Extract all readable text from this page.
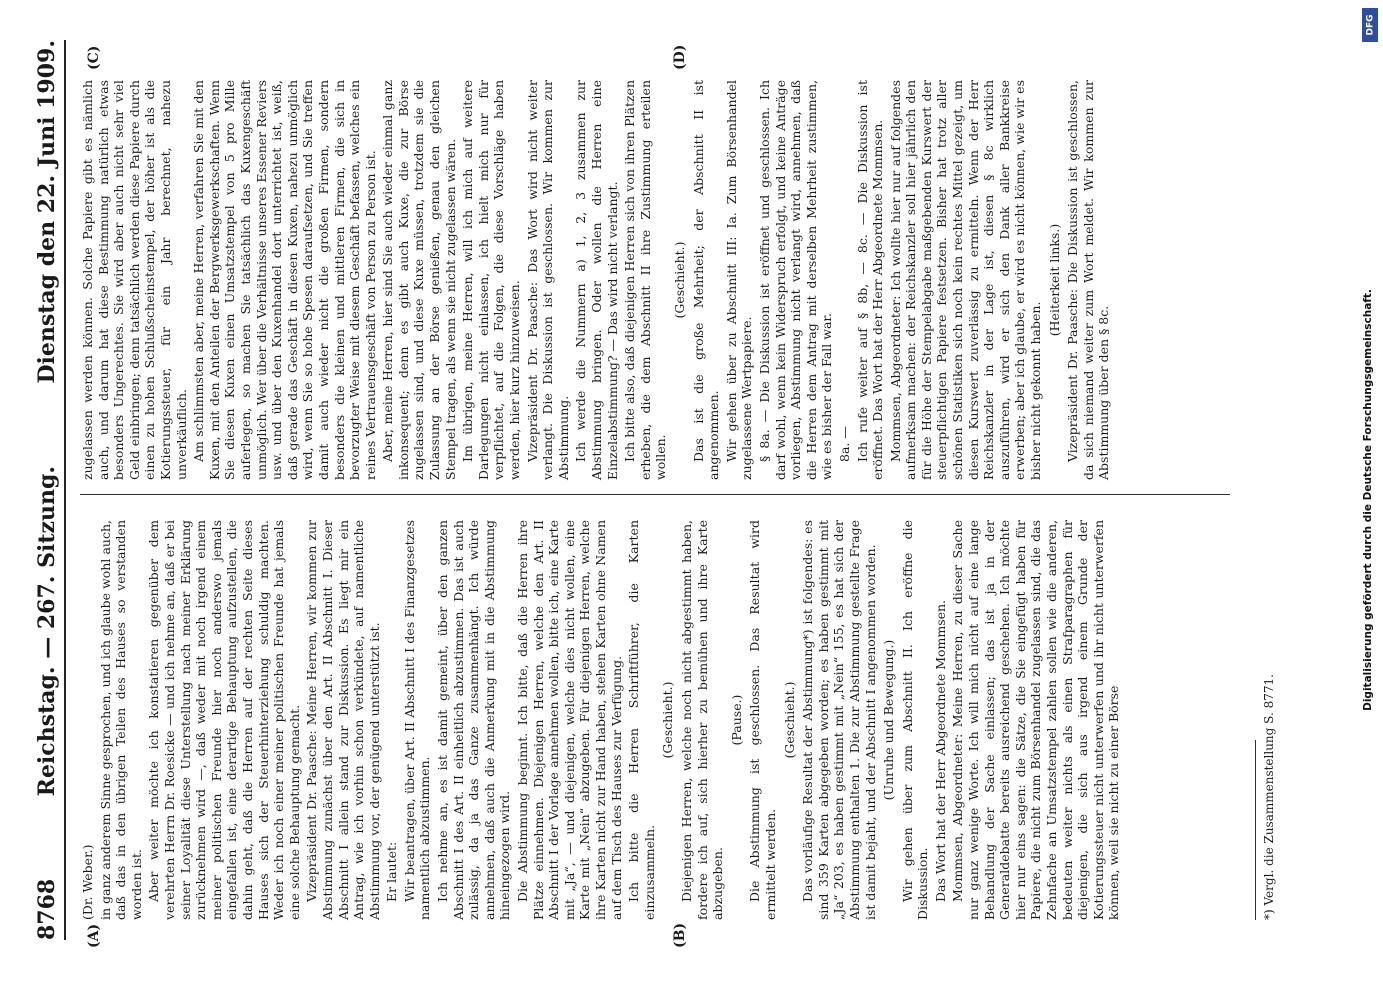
8768
Reichstag. — 267. Sitzung.
Dienstag den 22. Juni 1909.
(A)	(B)
(C)	(D)

(Dr. Weber.) in ganz anderem Sinne gesprochen, und ich glaube wohl auch, daß das in den übrigen Teilen des Hauses so verstanden worden ist. Aber weiter möchte ich konstatieren gegenüber dem verehrten Herrn Dr. Roesicke — und ich nehme an, daß er bei seiner Loyalität diese Unterstellung nach meiner Erklärung zurücknehmen wird —, daß weder mit noch irgend einem meiner politischen Freunde hier noch anderswo jemals eingefallen ist, eine derartige Behauptung aufzustellen, die dahin geht, daß die Herren auf der rechten Seite dieses Hauses sich der Steuerhinterziehung schuldig machten. Weder ich noch einer meiner politischen Freunde hat jemals eine solche Behauptung gemacht. Vizepräsident Dr. Paasche: Meine Herren, wir kommen zur Abstimmung zunächst über den Art. II Abschnitt I. Dieser Abschnitt I allein stand zur Diskussion. Es liegt mir ein Antrag, wie ich vorhin schon verkündete, auf namentliche Abstimmung vor, der genügend unterstützt ist. Er lautet: Wir beantragen, über Art. II Abschnitt I des Finanzgesetzes namentlich abzustimmen. Ich nehme an, es ist damit gemeint, über den ganzen Abschnitt I des Art. II einheitlich abzustimmen. Das ist auch zulässig, da ja das Ganze zusammenhängt. Ich würde annehmen, daß auch die Anmerkung mit in die Abstimmung hineingezogen wird. Die Abstimmung beginnt. Ich bitte, daß die Herren ihre Plätze einnehmen. Diejenigen Herren, welche den Art. II Abschnitt I der Vorlage annehmen wollen, bitte ich, eine Karte mit „Ja“, — und diejenigen, welche dies nicht wollen, eine Karte mit „Nein“ abzugeben. Für diejenigen Herren, welche ihre Karten nicht zur Hand haben, stehen Karten ohne Namen auf dem Tisch des Hauses zur Verfügung. Ich bitte die Herren Schriftführer, die Karten einzusammeln.

(Geschieht.) Diejenigen Herren, welche noch nicht abgestimmt haben, fordere ich auf, sich hierher zu bemühen und ihre Karte abzugeben.

(Pause.) Die Abstimmung ist geschlossen. Das Resultat wird ermittelt werden.

(Geschieht.) Das vorläufige Resultat der Abstimmung*) ist folgendes: es sind 359 Karten abgegeben worden; es haben gestimmt mit „Ja“ 203, es haben gestimmt mit „Nein“ 155, es hat sich der Abstimmung enthalten 1. Die zur Abstimmung gestellte Frage ist damit bejaht, und der Abschnitt I angenommen worden. (Unruhe und Bewegung.) Wir gehen über zum Abschnitt II. Ich eröffne die Diskussion. Das Wort hat der Herr Abgeordnete Mommsen. Mommsen, Abgeordneter: Meine Herren, zu dieser Sache nur ganz wenige Worte. Ich will mich nicht auf eine lange Behandlung der Sache einlassen; das ist ja in der Generaldebatte bereits ausreichend geschehen. Ich möchte hier nur eins sagen: die Sätze, die Sie eingefügt haben für Papiere, die nicht zum Börsenhandel zugelassen sind, die das Zehnfache an Umsatzstempel zahlen sollen wie die anderen, bedeuten weiter nichts als einen Strafparagraphen für diejenigen, die sich aus irgend einem Grunde der Kotierungssteuer nicht unterwerfen und ihr nicht unterwerfen können, weil sie nicht zu einer Börse

zugelassen werden können. Solche Papiere gibt es nämlich auch, und darum hat diese Bestimmung natürlich etwas besonders Ungerechtes. Sie wird aber auch nicht sehr viel Geld einbringen; denn tatsächlich werden diese Papiere durch einen zu hohen Schlußscheinstempel, der höher ist als die Kotierungssteuer, für ein Jahr berechnet, nahezu unverkäuflich. Am schlimmsten aber, meine Herren, verfahren Sie mit den Kuxen, mit den Anteilen der Bergwerksgewerkschaften. Wenn Sie diesen Kuxen einen Umsatzstempel von 5 pro Mille auferlegen, so machen Sie tatsächlich das Kuxengeschäft unmöglich. Wer über die Verhältnisse unseres Essener Reviers usw. und über den Kuxenhandel dort unterrichtet ist, weiß, daß gerade das Geschäft in diesen Kuxen, nahezu unmöglich wird, wenn Sie so hohe Spesen daraufsetzen, und Sie treffen damit auch wieder nicht die großen Firmen, sondern besonders die kleinen und mittleren Firmen, die sich in bevorzugter Weise mit diesem Geschäft befassen, welches ein reines Vertrauensgeschäft von Person zu Person ist. Aber, meine Herren, hier sind Sie auch wieder einmal ganz inkonsequent; denn es gibt auch Kuxe, die zur Börse zugelassen sind, und diese Kuxe müssen, trotzdem sie die Zulassung an der Börse genießen, genau den gleichen Stempel tragen, als wenn sie nicht zugelassen wären. Im übrigen, meine Herren, will ich mich auf weitere Darlegungen nicht einlassen, ich hielt mich nur für verpflichtet, auf die Folgen, die diese Vorschläge haben werden, hier kurz hinzuweisen. Vizepräsident Dr. Paasche: Das Wort wird nicht weiter verlangt. Die Diskussion ist geschlossen. Wir kommen zur Abstimmung. Ich werde die Nummern a) 1, 2, 3 zusammen zur Abstimmung bringen. Oder wollen die Herren eine Einzelabstimmung? — Das wird nicht verlangt. Ich bitte also, daß diejenigen Herren sich von ihren Plätzen erheben, die dem Abschnitt II ihre Zustimmung erteilen wollen.

(Geschieht.) Das ist die große Mehrheit; der Abschnitt II ist angenommen. Wir gehen über zu Abschnitt III: Ia. Zum Börsenhandel zugelassene Wertpapiere. § 8a. — Die Diskussion ist eröffnet und geschlossen. Ich darf wohl, wenn kein Widerspruch erfolgt, und keine Anträge vorliegen, Abstimmung nicht verlangt wird, annehmen, daß die Herren dem Antrag mit derselben Mehrheit zustimmen, wie es bisher der Fall war. 8a. — Ich rufe weiter auf § 8b, — 8c. — Die Diskussion ist eröffnet. Das Wort hat der Herr Abgeordnete Mommsen. Mommsen, Abgeordneter: Ich wollte hier nur auf folgendes aufmerksam machen: der Reichskanzler soll hier jährlich den für die Höhe der Stempelabgabe maßgebenden Kurswert der steuerpflichtigen Papiere festsetzen. Bisher hat trotz aller schönen Statistiken sich noch kein rechtes Mittel gezeigt, um diesen Kurswert zuverlässig zu ermitteln. Wenn der Herr Reichskanzler in der Lage ist, diesen § 8c wirklich auszuführen, wird er sich den Dank aller Bankkreise erwerben; aber ich glaube, er wird es nicht können, wie wir es bisher nicht gekonnt haben.

(Heiterkeit links.) Vizepräsident Dr. Paasche: Die Diskussion ist geschlossen, da sich niemand weiter zum Wort meldet. Wir kommen zur Abstimmung über den § 8c.

*) Vergl. die Zusammenstellung S. 8771.
DFG
Digitalisierung gefördert durch die Deutsche Forschungsgemeinschaft.
